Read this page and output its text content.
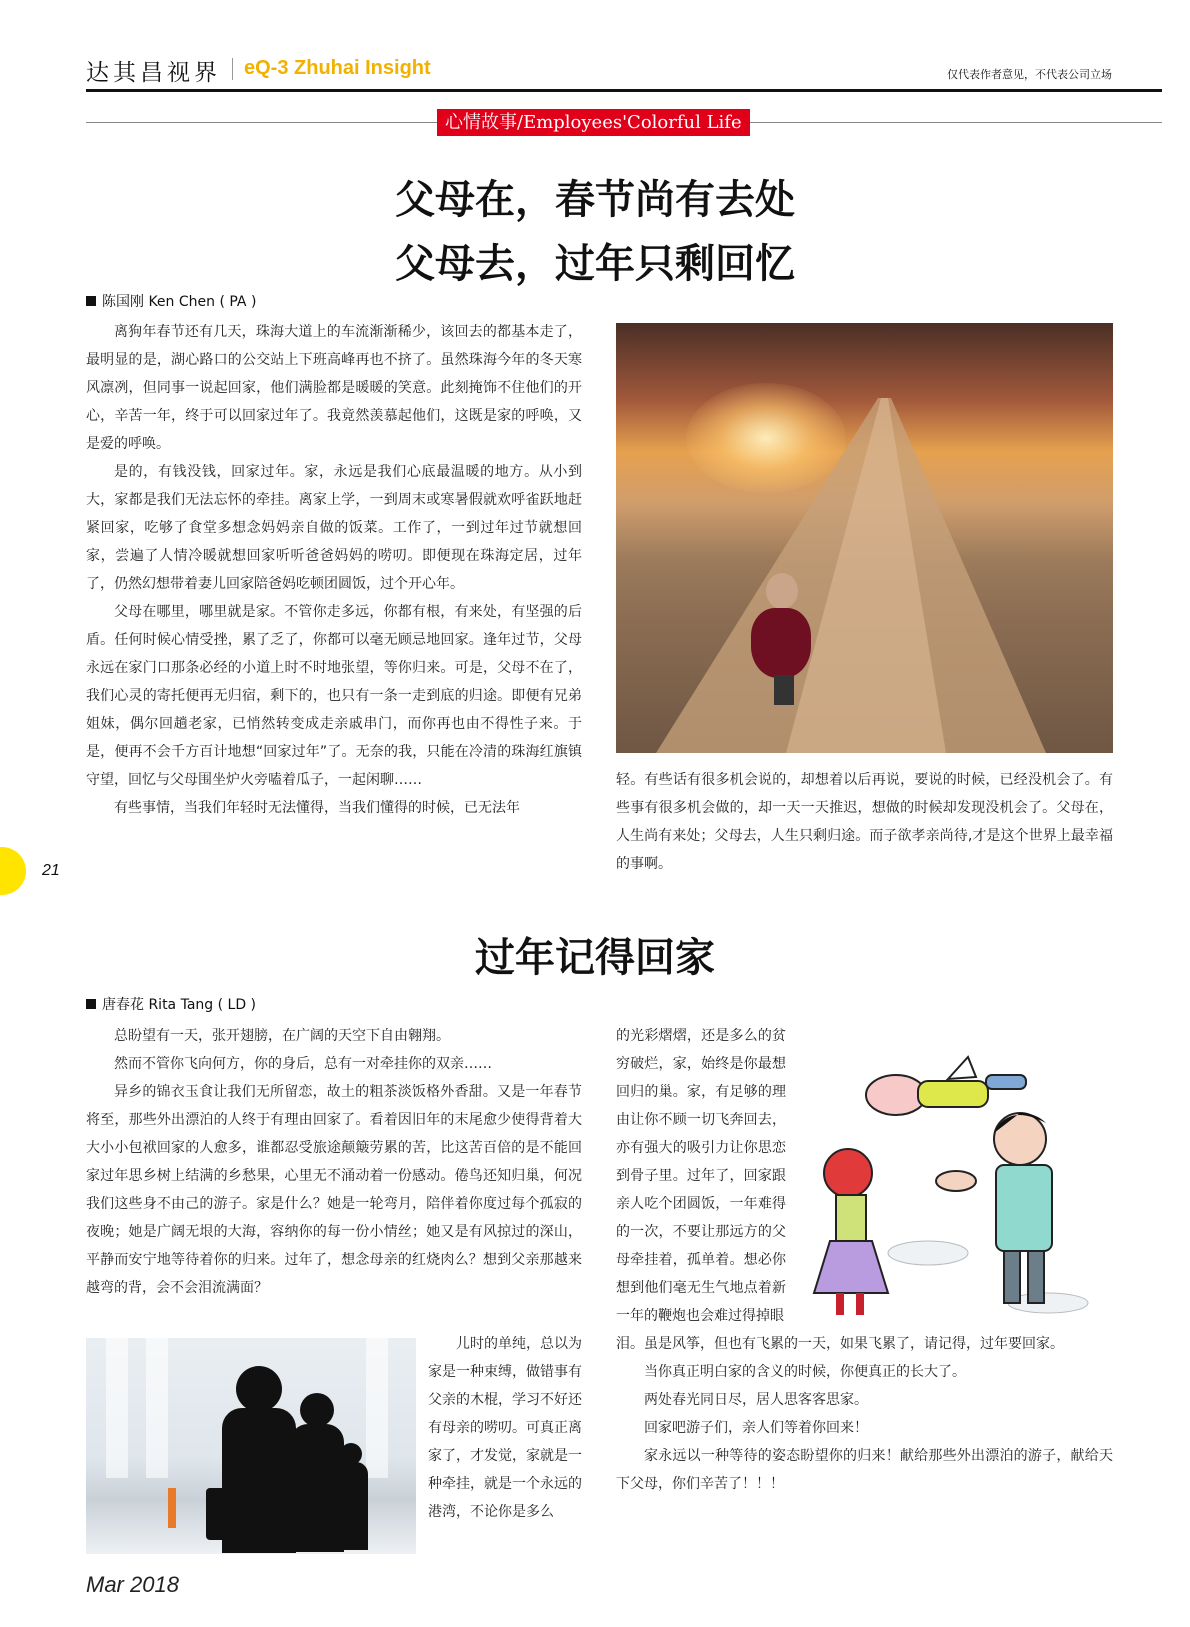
达其昌视界 eQ-3 Zhuhai Insight	仅代表作者意见，不代表公司立场
心情故事/Employees'Colorful Life
父母在，春节尚有去处
父母去，过年只剩回忆
陈国刚 Ken Chen ( PA )

离狗年春节还有几天，珠海大道上的车流渐渐稀少，该回去的都基本走了，最明显的是，湖心路口的公交站上下班高峰再也不挤了。虽然珠海今年的冬天寒风凛冽，但同事一说起回家，他们满脸都是暖暖的笑意。此刻掩饰不住他们的开心，辛苦一年，终于可以回家过年了。我竟然羡慕起他们，这既是家的呼唤，又是爱的呼唤。

是的，有钱没钱，回家过年。家，永远是我们心底最温暖的地方。从小到大，家都是我们无法忘怀的牵挂。离家上学，一到周末或寒暑假就欢呼雀跃地赶紧回家，吃够了食堂多想念妈妈亲自做的饭菜。工作了，一到过年过节就想回家，尝遍了人情冷暖就想回家听听爸爸妈妈的唠叨。即便现在珠海定居，过年了，仍然幻想带着妻儿回家陪爸妈吃顿团圆饭，过个开心年。

父母在哪里，哪里就是家。不管你走多远，你都有根，有来处，有坚强的后盾。任何时候心情受挫，累了乏了，你都可以毫无顾忌地回家。逢年过节，父母永远在家门口那条必经的小道上时不时地张望，等你归来。可是，父母不在了，我们心灵的寄托便再无归宿，剩下的，也只有一条一走到底的归途。即便有兄弟姐妹，偶尔回趟老家，已悄然转变成走亲戚串门，而你再也由不得性子来。于是，便再不会千方百计地想“回家过年”了。无奈的我，只能在冷清的珠海红旗镇守望，回忆与父母围坐炉火旁嗑着瓜子，一起闲聊……

有些事情，当我们年轻时无法懂得，当我们懂得的时候，已无法年

轻。有些话有很多机会说的，却想着以后再说，要说的时候，已经没机会了。有些事有很多机会做的，却一天一天推迟，想做的时候却发现没机会了。父母在，人生尚有来处；父母去，人生只剩归途。而子欲孝亲尚待,才是这个世界上最幸福的事啊。

过年记得回家
唐春花 Rita Tang ( LD )

总盼望有一天，张开翅膀，在广阔的天空下自由翱翔。

然而不管你飞向何方，你的身后，总有一对牵挂你的双亲……

异乡的锦衣玉食让我们无所留恋，故土的粗茶淡饭格外香甜。又是一年春节将至，那些外出漂泊的人终于有理由回家了。看着因旧年的末尾愈少使得背着大大小小包袱回家的人愈多，谁都忍受旅途颠簸劳累的苦，比这苦百倍的是不能回家过年思乡树上结满的乡愁果，心里无不涌动着一份感动。倦鸟还知归巢，何况我们这些身不由己的游子。家是什么？她是一轮弯月，陪伴着你度过每个孤寂的夜晚；她是广阔无垠的大海，容纳你的每一份小情丝；她又是有风掠过的深山，平静而安宁地等待着你的归来。过年了，想念母亲的红烧肉么？想到父亲那越来越弯的背，会不会泪流满面？

儿时的单纯，总以为家是一种束缚，做错事有父亲的木棍，学习不好还有母亲的唠叨。可真正离家了，才发觉，家就是一种牵挂，就是一个永远的港湾，不论你是多么

的光彩熠熠，还是多么的贫穷破烂，家，始终是你最想回归的巢。家，有足够的理由让你不顾一切飞奔回去，亦有强大的吸引力让你思恋到骨子里。过年了，回家跟亲人吃个团圆饭，一年难得的一次，不要让那远方的父母牵挂着，孤单着。想必你想到他们毫无生气地点着新一年的鞭炮也会难过得掉眼

泪。虽是风筝，但也有飞累的一天，如果飞累了，请记得，过年要回家。

当你真正明白家的含义的时候，你便真正的长大了。

两处春光同日尽，居人思客客思家。

回家吧游子们，亲人们等着你回来！

家永远以一种等待的姿态盼望你的归来！献给那些外出漂泊的游子，献给天下父母，你们辛苦了！！！

21
Mar 2018
